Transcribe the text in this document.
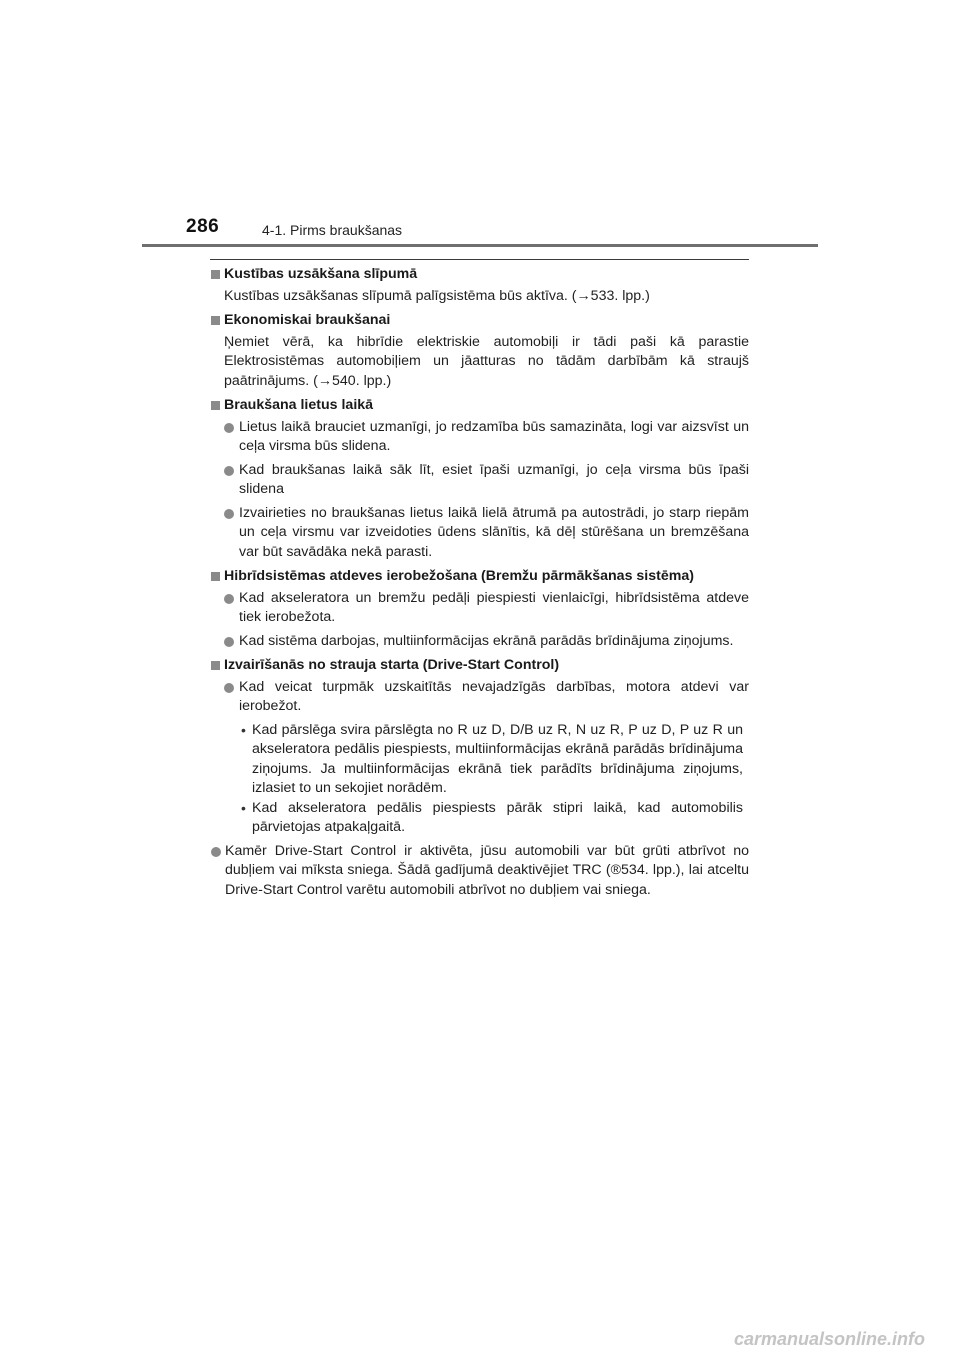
286	4-1. Pirms braukšanas
Kustības uzsākšana slīpumā
Kustības uzsākšanas slīpumā palīgsistēma būs aktīva. (→533. lpp.)
Ekonomiskai braukšanai
Ņemiet vērā, ka hibrīdie elektriskie automobiļi ir tādi paši kā parastie Elektrosistēmas automobiļiem un jāatturas no tādām darbībām kā straujš paātrinājums. (→540. lpp.)
Braukšana lietus laikā
Lietus laikā brauciet uzmanīgi, jo redzamība būs samazināta, logi var aizsvīst un ceļa virsma būs slidena.
Kad braukšanas laikā sāk līt, esiet īpaši uzmanīgi, jo ceļa virsma būs īpaši slidena
Izvairieties no braukšanas lietus laikā lielā ātrumā pa autostrādi, jo starp riepām un ceļa virsmu var izveidoties ūdens slānītis, kā dēļ stūrēšana un bremzēšana var būt savādāka nekā parasti.
Hibrīdsistēmas atdeves ierobežošana (Bremžu pārmākšanas sistēma)
Kad akseleratora un bremžu pedāļi piespiesti vienlaicīgi, hibrīdsistēma atdeve tiek ierobežota.
Kad sistēma darbojas, multiinformācijas ekrānā parādās brīdinājuma ziņojums.
Izvairīšanās no strauja starta (Drive-Start Control)
Kad veicat turpmāk uzskaitītās nevajadzīgās darbības, motora atdevi var ierobežot.
• Kad pārslēga svira pārslēgta no R uz D, D/B uz R, N uz R, P uz D, P uz R un akseleratora pedālis piespiests, multiinformācijas ekrānā parādās brīdinājuma ziņojums. Ja multiinformācijas ekrānā tiek parādīts brīdinājuma ziņojums, izlasiet to un sekojiet norādēm.
• Kad akseleratora pedālis piespiests pārāk stipri laikā, kad automobilis pārvietojas atpakaļgaitā.
Kamēr Drive-Start Control ir aktivēta, jūsu automobili var būt grūti atbrīvot no dubļiem vai mīksta sniega. Šādā gadījumā deaktivējiet TRC (®534. lpp.), lai atceltu Drive-Start Control varētu automobili atbrīvot no dubļiem vai sniega.
carmanualsonline.info
